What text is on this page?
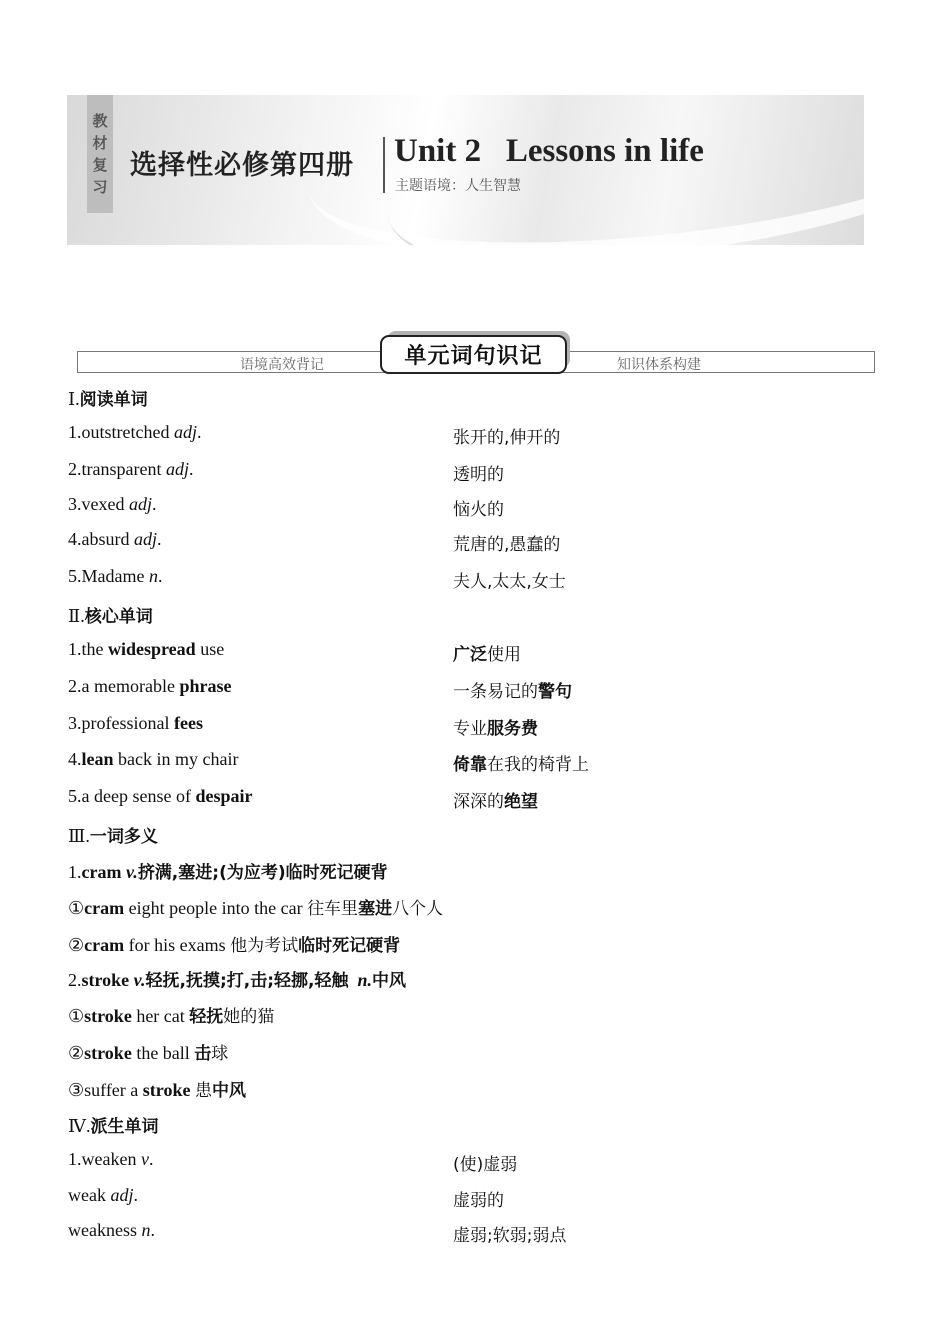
教
材
复
习
选择性必修第四册 Unit 2   Lessons in life
主题语境：人生智慧
语境高效背记	知识体系构建
单元词句识记
Ⅰ.阅读单词
1.outstretched adj.	张开的,伸开的
2.transparent adj.	透明的
3.vexed adj.	恼火的
4.absurd adj.	荒唐的,愚蠢的
5.Madame n.	夫人,太太,女士
Ⅱ.核心单词
1.the widespread use	广泛使用
2.a memorable phrase	一条易记的警句
3.professional fees	专业服务费
4.lean back in my chair	倚靠在我的椅背上
5.a deep sense of despair	深深的绝望
Ⅲ.一词多义
1.cram v.挤满,塞进;(为应考)临时死记硬背
①cram eight people into the car 往车里塞进八个人
②cram for his exams 他为考试临时死记硬背
2.stroke v.轻抚,抚摸;打,击;轻挪,轻触 n.中风
①stroke her cat 轻抚她的猫
②stroke the ball 击球
③suffer a stroke 患中风
Ⅳ.派生单词
1.weaken v.	(使)虚弱
weak adj.	虚弱的
weakness n.	虚弱;软弱;弱点
